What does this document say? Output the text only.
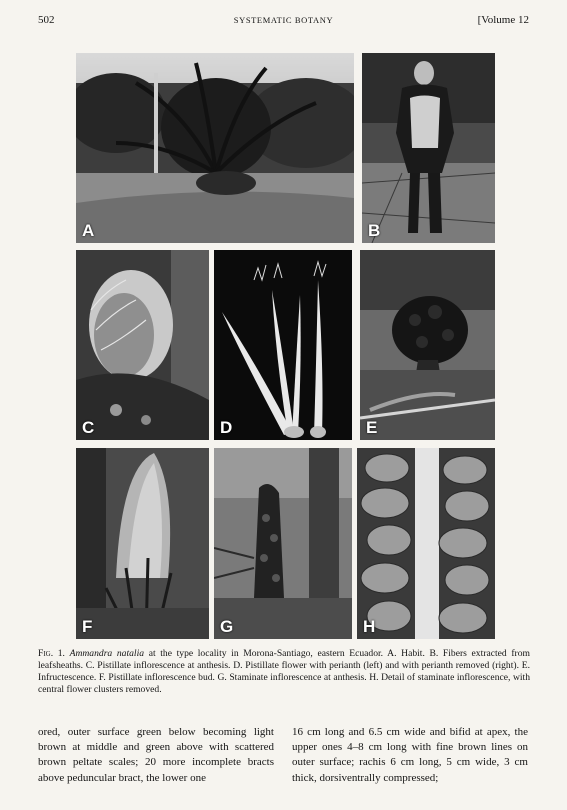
502	SYSTEMATIC BOTANY	[Volume 12
A	B
C	D	E
F	G	H
Fig. 1. Ammandra natalia at the type locality in Morona-Santiago, eastern Ecuador. A. Habit. B. Fibers extracted from leafsheaths. C. Pistillate inflorescence at anthesis. D. Pistillate flower with perianth (left) and with perianth removed (right). E. Infructescence. F. Pistillate inflorescence bud. G. Staminate inflorescence at anthesis. H. Detail of staminate inflorescence, with central flower clusters removed.

ored, outer surface green below becoming light brown at middle and green above with scattered brown peltate scales; 20 more incomplete bracts above peduncular bract, the lower one

16 cm long and 6.5 cm wide and bifid at apex, the upper ones 4–8 cm long with fine brown lines on outer surface; rachis 6 cm long, 5 cm wide, 3 cm thick, dorsiventrally compressed;
